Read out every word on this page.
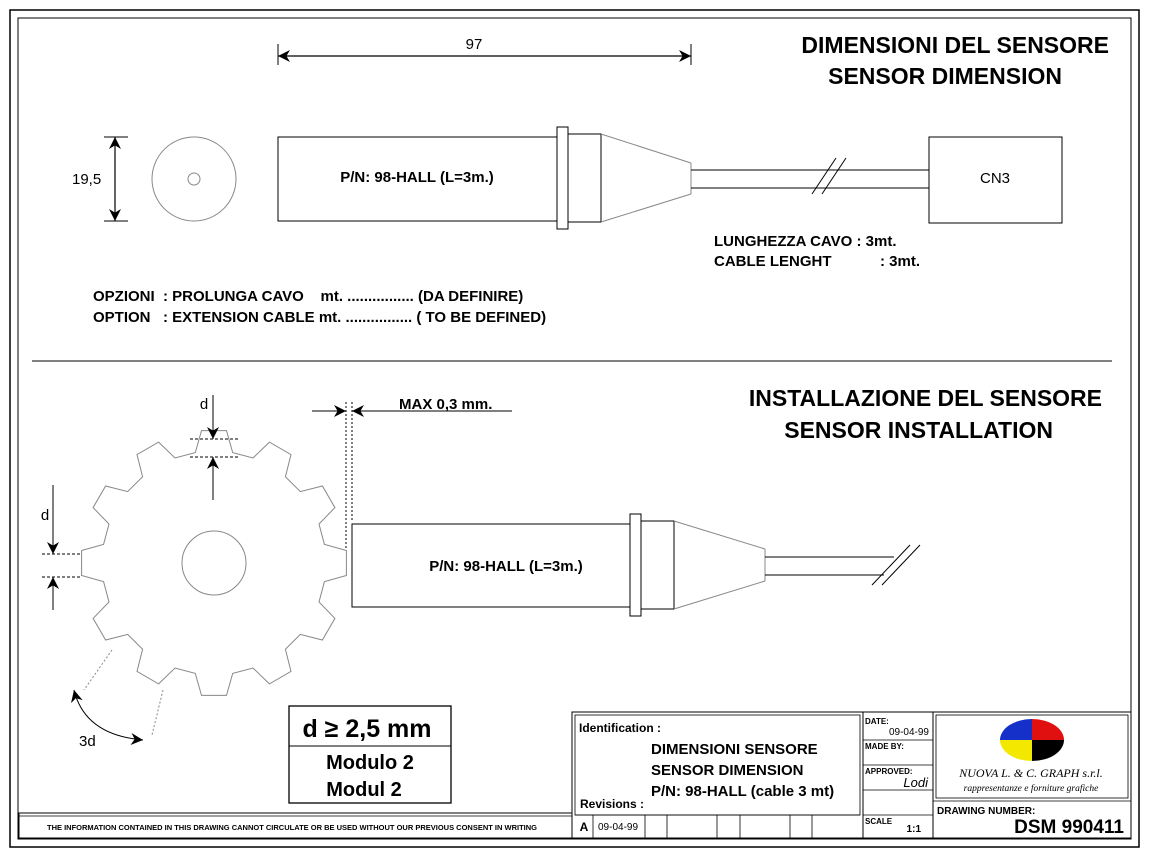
DIMENSIONI DEL SENSORE
SENSOR DIMENSION
97
19,5	P/N: 98-HALL (L=3m.)	CN3
LUNGHEZZA CAVO : 3mt.
CABLE LENGHT	: 3mt.
OPZIONI  : PROLUNGA CAVO    mt. ................ (DA DEFINIRE)
OPTION   : EXTENSION CABLE mt. ................ ( TO BE DEFINED)
INSTALLAZIONE DEL SENSORE
SENSOR INSTALLATION
d
d
3d
MAX 0,3 mm.
P/N: 98-HALL (L=3m.)
d ≥ 2,5 mm
Modulo 2
Modul 2
THE INFORMATION CONTAINED IN THIS DRAWING CANNOT CIRCULATE OR BE USED WITHOUT OUR PREVIOUS CONSENT IN WRITING
Identification :
DIMENSIONI SENSORE
SENSOR DIMENSION
P/N: 98-HALL (cable 3 mt)
Revisions :
A 09-04-99
DATE:
09-04-99
MADE BY:
APPROVED:
Lodi
SCALE
1:1
NUOVA L. & C. GRAPH s.r.l.
rappresentanze e forniture grafiche
DRAWING NUMBER:
DSM 990411
